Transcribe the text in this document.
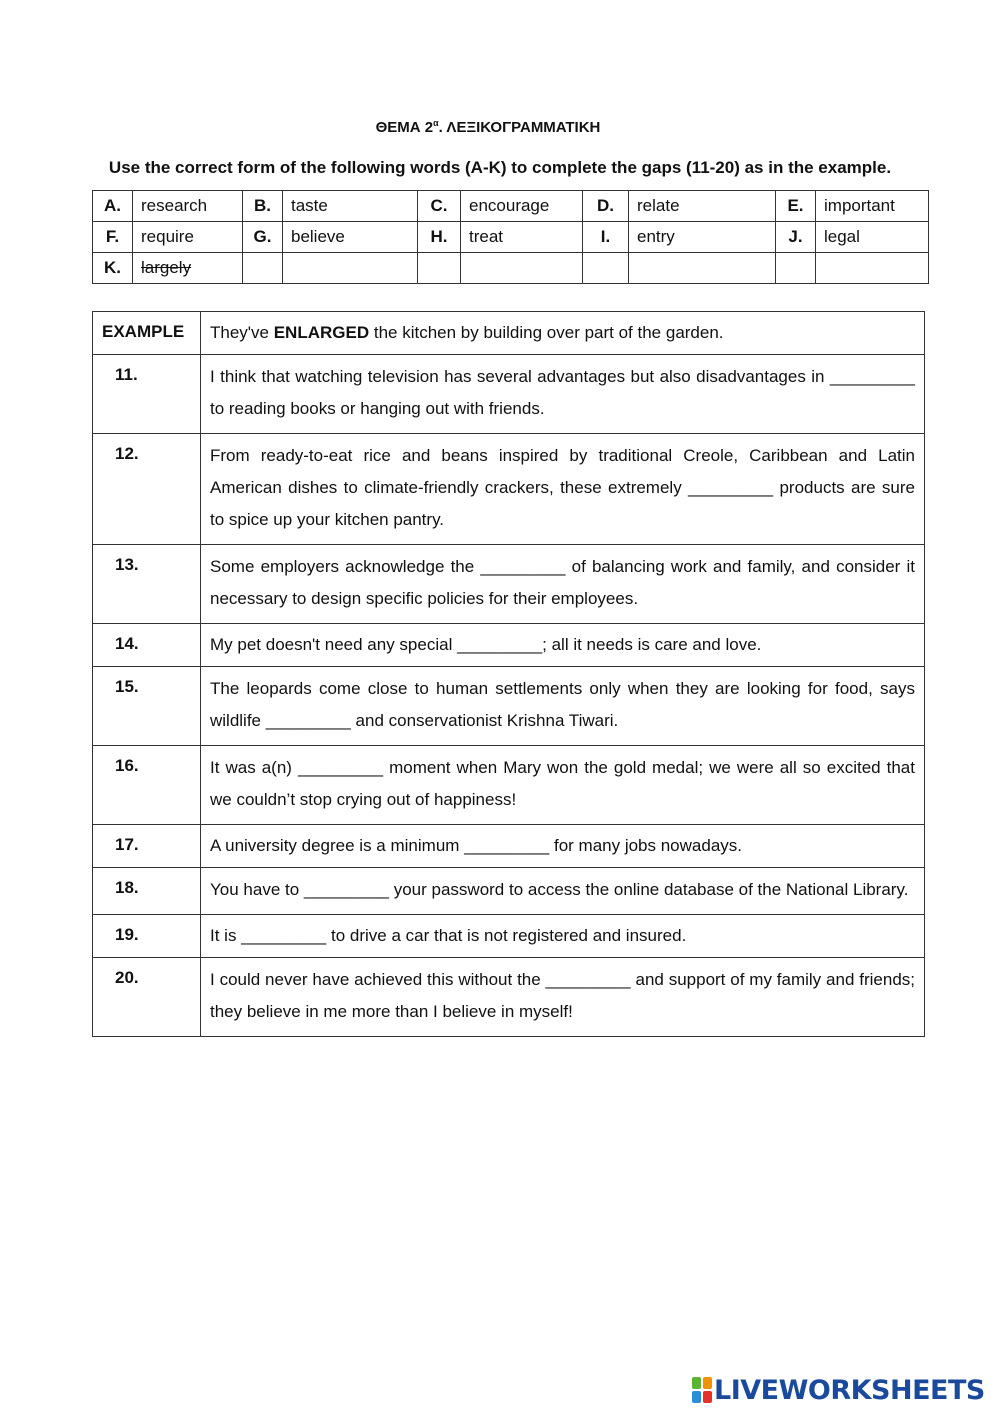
ΘΕΜΑ $2^\alpha$. ΛΕΞΙΚΟΓΡΑΜΜΑΤΙΚΗ
Use the correct form of the following words (A-K) to complete the gaps (11-20) as in the example.
A.	research	B.	taste	C.	encourage	D.	relate	E.	important
F.	require	G.	believe	H.	treat	I.	entry	J.	legal
K.	largely								
EXAMPLE	They've ENLARGED the kitchen by building over part of the garden.
11.	I think that watching television has several advantages but also disadvantages in _________ to reading books or hanging out with friends.
12.	From ready-to-eat rice and beans inspired by traditional Creole, Caribbean and Latin American dishes to climate-friendly crackers, these extremely _________ products are sure to spice up your kitchen pantry.
13.	Some employers acknowledge the _________ of balancing work and family, and consider it necessary to design specific policies for their employees.
14.	My pet doesn't need any special _________; all it needs is care and love.
15.	The leopards come close to human settlements only when they are looking for food, says wildlife _________ and conservationist Krishna Tiwari.
16.	It was a(n) _________ moment when Mary won the gold medal; we were all so excited that we couldn’t stop crying out of happiness!
17.	A university degree is a minimum _________ for many jobs nowadays.
18.	You have to _________ your password to access the online database of the National Library.
19.	It is _________ to drive a car that is not registered and insured.
20.	I could never have achieved this without the _________ and support of my family and friends; they believe in me more than I believe in myself!
LIVEWORKSHEETS
